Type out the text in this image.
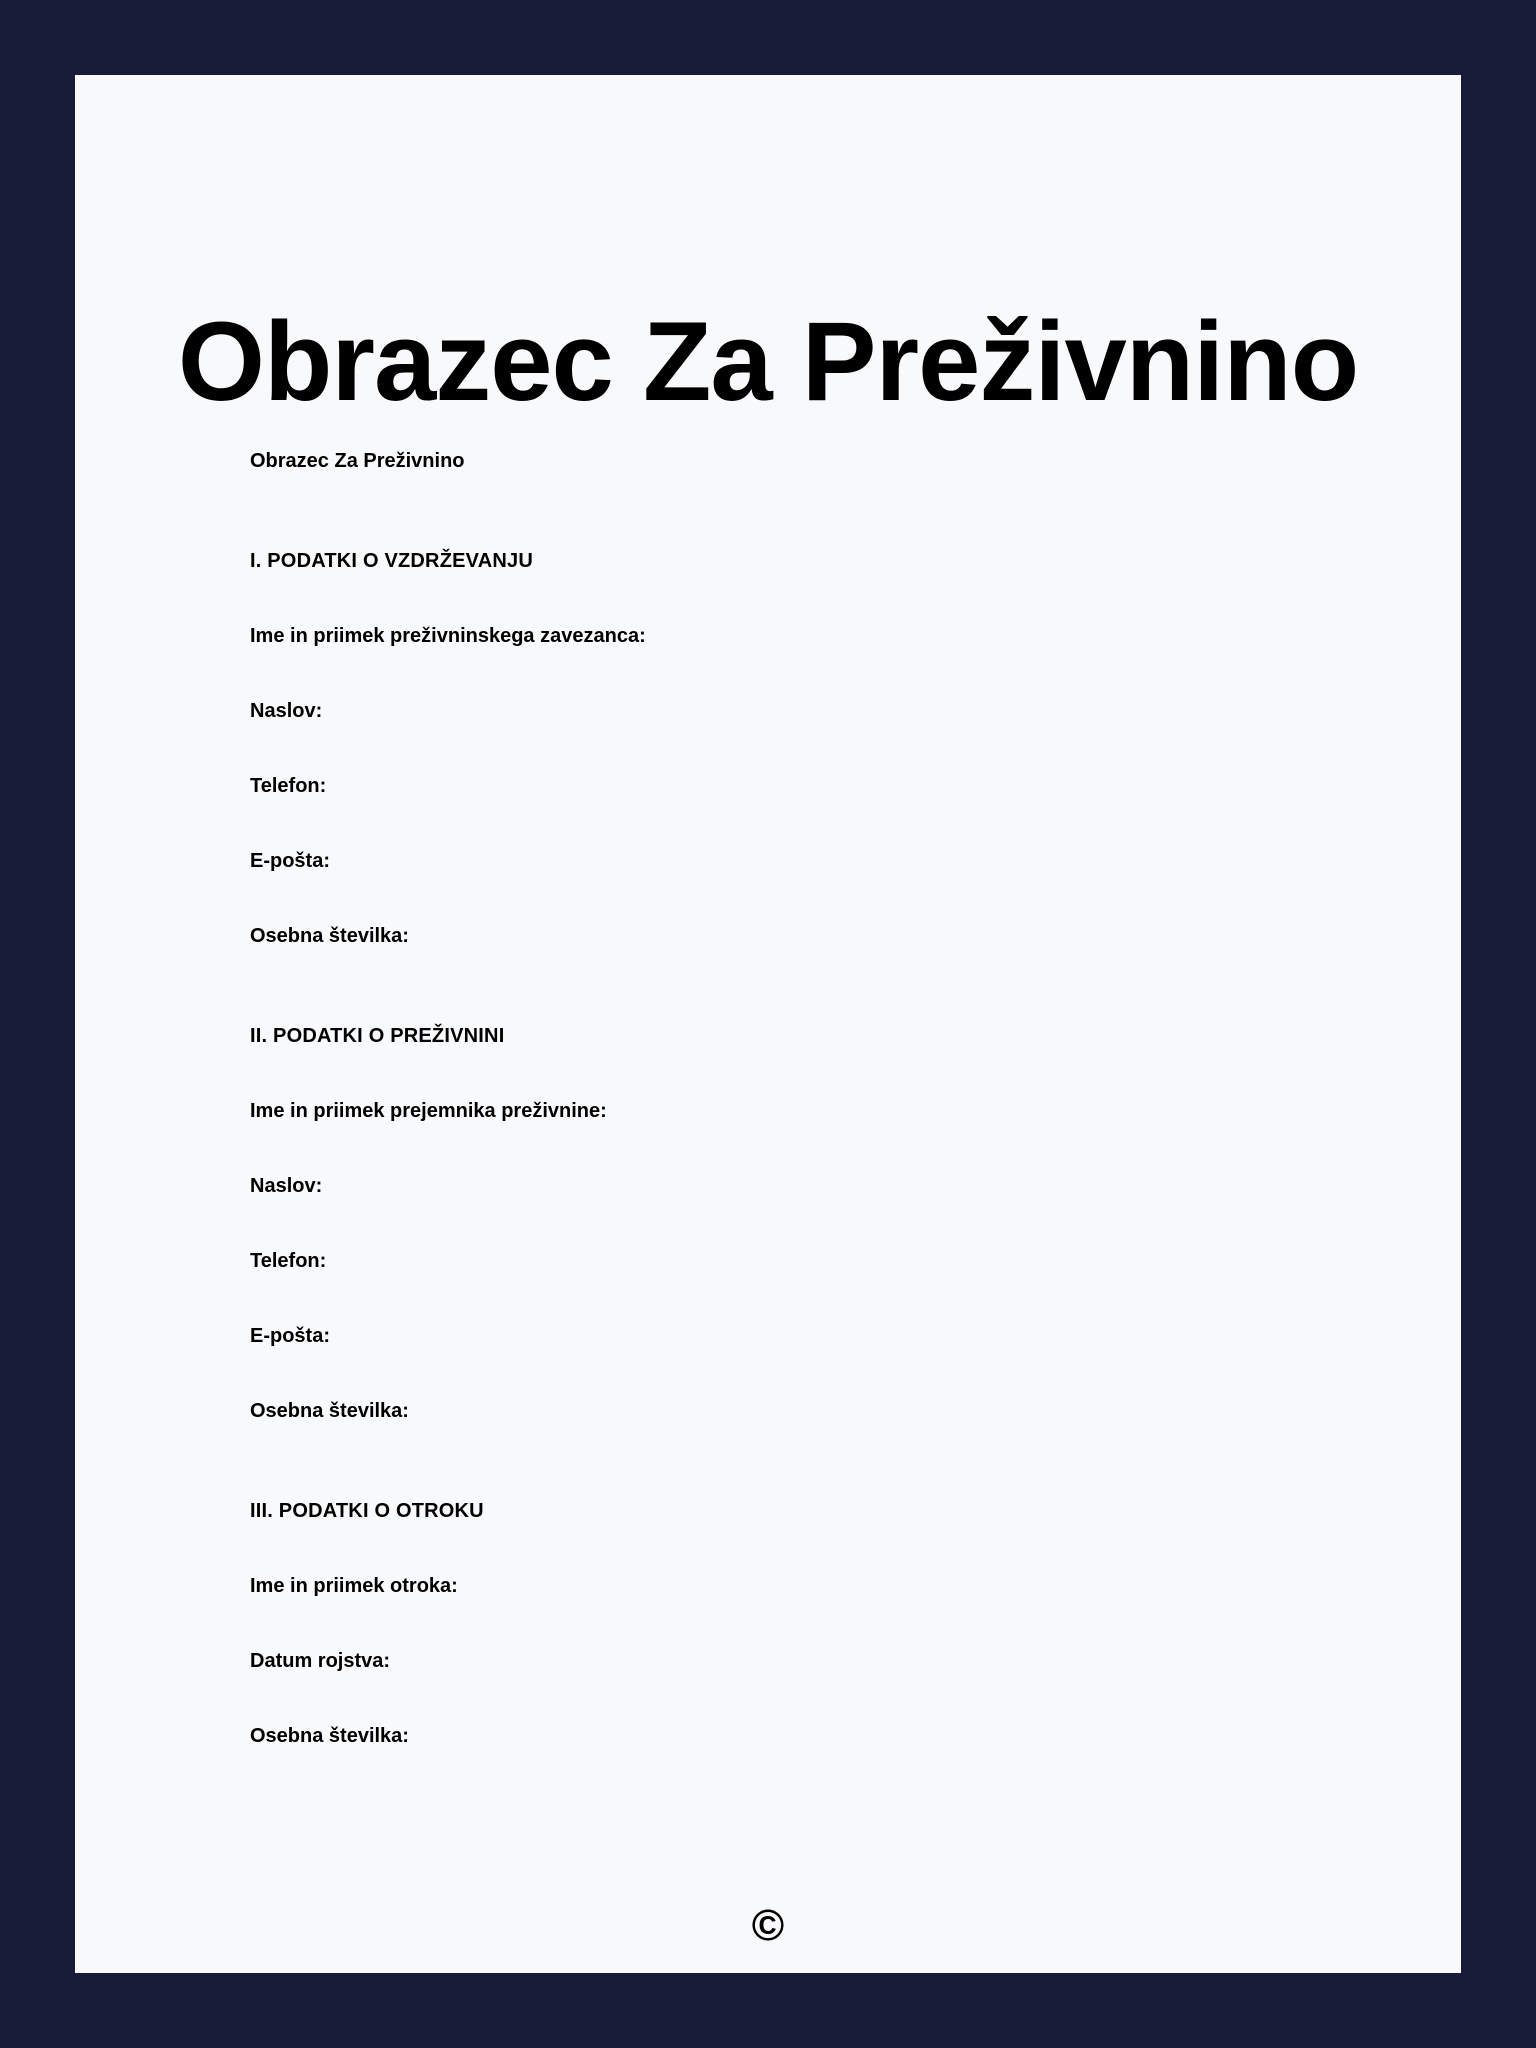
Obrazec Za Preživnino
Obrazec Za Preživnino
I. PODATKI O VZDRŽEVANJU
Ime in priimek preživninskega zavezanca:
Naslov:
Telefon:
E-pošta:
Osebna številka:
II. PODATKI O PREŽIVNINI
Ime in priimek prejemnika preživnine:
Naslov:
Telefon:
E-pošta:
Osebna številka:
III. PODATKI O OTROKU
Ime in priimek otroka:
Datum rojstva:
Osebna številka:
©
